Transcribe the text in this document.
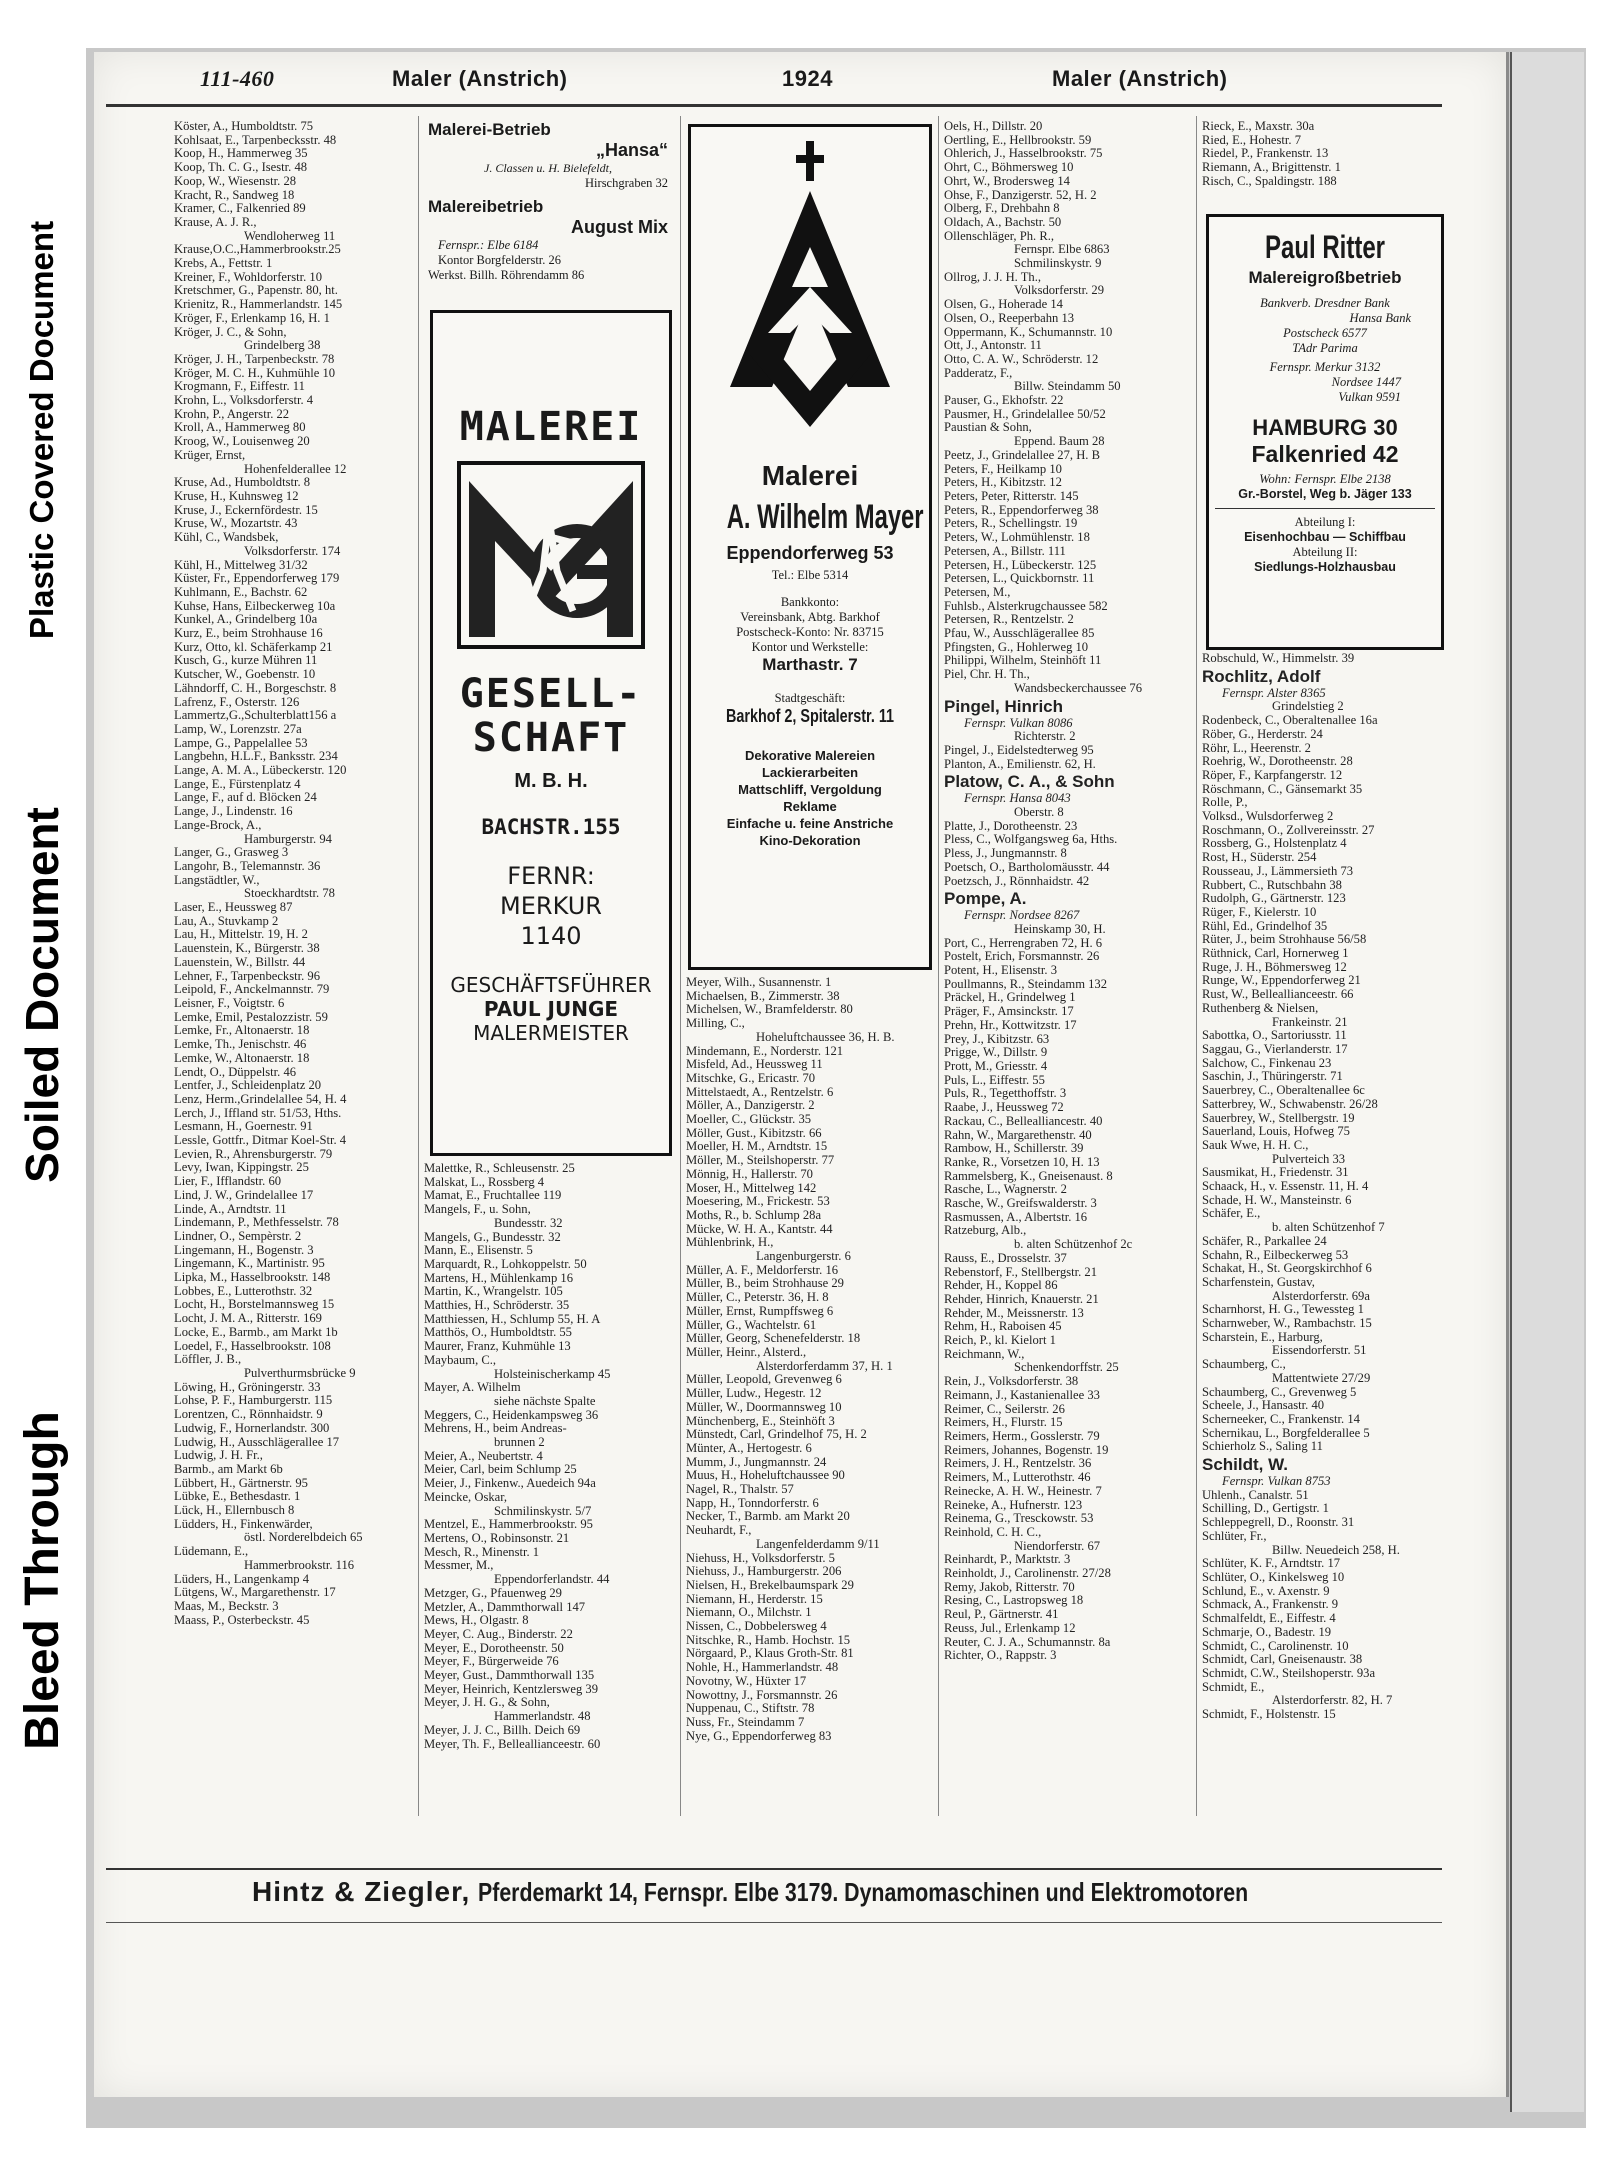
Plastic Covered Document
Soiled Document
Bleed Through
111-460	Maler (Anstrich)	1924	Maler (Anstrich)
Köster, A., Humboldtstr. 75
Kohlsaat, E., Tarpenbecksstr. 48
Koop, H., Hammerweg 35
Koop, Th. C. G., Isestr. 48
Koop, W., Wiesenstr. 28
Kracht, R., Sandweg 18
Kramer, C., Falkenried 89
Krause, A. J. R.,
Wendloherweg 11
Krause,O.C.,Hammerbrookstr.25
Krebs, A., Fettstr. 1
Kreiner, F., Wohldorferstr. 10
Kretschmer, G., Papenstr. 80, ht.
Krienitz, R., Hammerlandstr. 145
Kröger, F., Erlenkamp 16, H. 1
Kröger, J. C., & Sohn,
Grindelberg 38
Kröger, J. H., Tarpenbeckstr. 78
Kröger, M. C. H., Kuhmühle 10
Krogmann, F., Eiffestr. 11
Krohn, L., Volksdorferstr. 4
Krohn, P., Angerstr. 22
Kroll, A., Hammerweg 80
Kroog, W., Louisenweg 20
Krüger, Ernst,
Hohenfelderallee 12
Kruse, Ad., Humboldtstr. 8
Kruse, H., Kuhnsweg 12
Kruse, J., Eckernfördestr. 15
Kruse, W., Mozartstr. 43
Kühl, C., Wandsbek,
Volksdorferstr. 174
Kühl, H., Mittelweg 31/32
Küster, Fr., Eppendorferweg 179
Kuhlmann, E., Bachstr. 62
Kuhse, Hans, Eilbeckerweg 10a
Kunkel, A., Grindelberg 10a
Kurz, E., beim Strohhause 16
Kurz, Otto, kl. Schäferkamp 21
Kusch, G., kurze Mühren 11
Kutscher, W., Goebenstr. 10
Lähndorff, C. H., Borgeschstr. 8
Lafrenz, F., Osterstr. 126
Lammertz,G.,Schulterblatt156 a
Lamp, W., Lorenzstr. 27a
Lampe, G., Pappelallee 53
Langbehn, H.L.F., Banksstr. 234
Lange, A. M. A., Lübeckerstr. 120
Lange, E., Fürstenplatz 4
Lange, F., auf d. Blöcken 24
Lange, J., Lindenstr. 16
Lange-Brock, A.,
Hamburgerstr. 94
Langer, G., Grasweg 3
Langohr, B., Telemannstr. 36
Langstädtler, W.,
Stoeckhardtstr. 78
Laser, E., Heussweg 87
Lau, A., Stuvkamp 2
Lau, H., Mittelstr. 19, H. 2
Lauenstein, K., Bürgerstr. 38
Lauenstein, W., Billstr. 44
Lehner, F., Tarpenbeckstr. 96
Leipold, F., Anckelmannstr. 79
Leisner, F., Voigtstr. 6
Lemke, Emil, Pestalozzistr. 59
Lemke, Fr., Altonaerstr. 18
Lemke, Th., Jenischstr. 46
Lemke, W., Altonaerstr. 18
Lendt, O., Düppelstr. 46
Lentfer, J., Schleidenplatz 20
Lenz, Herm.,Grindelallee 54, H. 4
Lerch, J., Iffland str. 51/53, Hths.
Lesmann, H., Goernestr. 91
Lessle, Gottfr., Ditmar Koel-Str. 4
Levien, R., Ahrensburgerstr. 79
Levy, Iwan, Kippingstr. 25
Lier, F., Ifflandstr. 60
Lind, J. W., Grindelallee 17
Linde, A., Arndtstr. 11
Lindemann, P., Methfesselstr. 78
Lindner, O., Sempèrstr. 2
Lingemann, H., Bogenstr. 3
Lingemann, K., Martinistr. 95
Lipka, M., Hasselbrookstr. 148
Lobbes, E., Lutterothstr. 32
Locht, H., Borstelmannsweg 15
Locht, J. M. A., Ritterstr. 169
Locke, E., Barmb., am Markt 1b
Loedel, F., Hasselbrookstr. 108
Löffler, J. B.,
Pulverthurmsbrücke 9
Löwing, H., Gröningerstr. 33
Lohse, P. F., Hamburgerstr. 115
Lorentzen, C., Rönnhaidstr. 9
Ludwig, F., Hornerlandstr. 300
Ludwig, H., Ausschlägerallee 17
Ludwig, J. H. Fr.,
Barmb., am Markt 6b
Lübbert, H., Gärtnerstr. 95
Lübke, E., Bethesdastr. 1
Lück, H., Ellernbusch 8
Lüdders, H., Finkenwärder,
östl. Norderelbdeich 65
Lüdemann, E.,
Hammerbrookstr. 116
Lüders, H., Langenkamp 4
Lütgens, W., Margarethenstr. 17
Maas, M., Beckstr. 3
Maass, P., Osterbeckstr. 45
Malerei-Betrieb
„Hansa“
J. Classen u. H. Bielefeldt,
Hirschgraben 32
Malereibetrieb
August Mix
Fernspr.: Elbe 6184
Kontor Borgfelderstr. 26
Werkst. Billh. Röhrendamm 86
MALEREI
GESELL-
SCHAFT
M. B. H.
BACHSTR.155
FERNR:
MERKUR
1140
GESCHÄFTSFÜHRER
PAUL JUNGE
MALERMEISTER
Malettke, R., Schleusenstr. 25
Malskat, L., Rossberg 4
Mamat, E., Fruchtallee 119
Mangels, F., u. Sohn,
Bundesstr. 32
Mangels, G., Bundesstr. 32
Mann, E., Elisenstr. 5
Marquardt, R., Lohkoppelstr. 50
Martens, H., Mühlenkamp 16
Martin, K., Wrangelstr. 105
Matthies, H., Schröderstr. 35
Matthiessen, H., Schlump 55, H. A
Matthös, O., Humboldtstr. 55
Maurer, Franz, Kuhmühle 13
Maybaum, C.,
Holsteinischerkamp 45
Mayer, A. Wilhelm
siehe nächste Spalte
Meggers, C., Heidenkampsweg 36
Mehrens, H., beim Andreas-
brunnen 2
Meier, A., Neubertstr. 4
Meier, Carl, beim Schlump 25
Meier, J., Finkenw., Auedeich 94a
Meincke, Oskar,
Schmilinskystr. 5/7
Mentzel, E., Hammerbrookstr. 95
Mertens, O., Robinsonstr. 21
Mesch, R., Minenstr. 1
Messmer, M.,
Eppendorferlandstr. 44
Metzger, G., Pfauenweg 29
Metzler, A., Dammthorwall 147
Mews, H., Olgastr. 8
Meyer, C. Aug., Binderstr. 22
Meyer, E., Dorotheenstr. 50
Meyer, F., Bürgerweide 76
Meyer, Gust., Dammthorwall 135
Meyer, Heinrich, Kentzlersweg 39
Meyer, J. H. G., & Sohn,
Hammerlandstr. 48
Meyer, J. J. C., Billh. Deich 69
Meyer, Th. F., Belleallianceestr. 60
Malerei
A. Wilhelm Mayer
Eppendorferweg 53
Tel.: Elbe 5314
Bankkonto:
Vereinsbank, Abtg. Barkhof
Postscheck-Konto: Nr. 83715
Kontor und Werkstelle:
Marthastr. 7
Stadtgeschäft:
Barkhof 2, Spitalerstr. 11
Dekorative Malereien
Lackierarbeiten
Mattschliff, Vergoldung
Reklame
Einfache u. feine Anstriche
Kino-Dekoration
Meyer, Wilh., Susannenstr. 1
Michaelsen, B., Zimmerstr. 38
Michelsen, W., Bramfelderstr. 80
Milling, C.,
Hoheluftchaussee 36, H. B.
Mindemann, E., Norderstr. 121
Misfeld, Ad., Heussweg 11
Mitschke, G., Ericastr. 70
Mittelstaedt, A., Rentzelstr. 6
Möller, A., Danzigerstr. 2
Moeller, C., Glückstr. 35
Möller, Gust., Kibitzstr. 66
Moeller, H. M., Arndtstr. 15
Möller, M., Steilshoperstr. 77
Mönnig, H., Hallerstr. 70
Moser, H., Mittelweg 142
Moesering, M., Frickestr. 53
Moths, R., b. Schlump 28a
Mücke, W. H. A., Kantstr. 44
Mühlenbrink, H.,
Langenburgerstr. 6
Müller, A. F., Meldorferstr. 16
Müller, B., beim Strohhause 29
Müller, C., Peterstr. 36, H. 8
Müller, Ernst, Rumpffsweg 6
Müller, G., Wachtelstr. 61
Müller, Georg, Schenefelderstr. 18
Müller, Heinr., Alsterd.,
Alsterdorferdamm 37, H. 1
Müller, Leopold, Grevenweg 6
Müller, Ludw., Hegestr. 12
Müller, W., Doormannsweg 10
Münchenberg, E., Steinhöft 3
Münstedt, Carl, Grindelhof 75, H. 2
Münter, A., Hertogestr. 6
Mumm, J., Jungmannstr. 24
Muus, H., Hoheluftchaussee 90
Nagel, R., Thalstr. 57
Napp, H., Tonndorferstr. 6
Necker, T., Barmb. am Markt 20
Neuhardt, F.,
Langenfelderdamm 9/11
Niehuss, H., Volksdorferstr. 5
Niehuss, J., Hamburgerstr. 206
Nielsen, H., Brekelbaumspark 29
Niemann, H., Herderstr. 15
Niemann, O., Milchstr. 1
Nissen, C., Dobbelersweg 4
Nitschke, R., Hamb. Hochstr. 15
Nörgaard, P., Klaus Groth-Str. 81
Nohle, H., Hammerlandstr. 48
Novotny, W., Hüxter 17
Nowottny, J., Forsmannstr. 26
Nuppenau, C., Stiftstr. 78
Nuss, Fr., Steindamm 7
Nye, G., Eppendorferweg 83
Oels, H., Dillstr. 20
Oertling, E., Hellbrookstr. 59
Ohlerich, J., Hasselbrookstr. 75
Ohrt, C., Böhmersweg 10
Ohrt, W., Brodersweg 14
Ohse, F., Danzigerstr. 52, H. 2
Olberg, F., Drehbahn 8
Oldach, A., Bachstr. 50
Ollenschläger, Ph. R.,
Fernspr. Elbe 6863
Schmilinskystr. 9
Ollrog, J. J. H. Th.,
Volksdorferstr. 29
Olsen, G., Hoheradе 14
Olsen, O., Reeperbahn 13
Oppermann, K., Schumannstr. 10
Ott, J., Antonstr. 11
Otto, C. A. W., Schröderstr. 12
Padderatz, F.,
Billw. Steindamm 50
Pauser, G., Ekhofstr. 22
Pausmer, H., Grindelallee 50/52
Paustian & Sohn,
Eppend. Baum 28
Peetz, J., Grindelallee 27, H. B
Peters, F., Heilkamp 10
Peters, H., Kibitzstr. 12
Peters, Peter, Ritterstr. 145
Peters, R., Eppendorferweg 38
Peters, R., Schellingstr. 19
Peters, W., Lohmühlenstr. 18
Petersen, A., Billstr. 111
Petersen, H., Lübeckerstr. 125
Petersen, L., Quickbornstr. 11
Petersen, M.,
Fuhlsb., Alsterkrugchaussee 582
Petersen, R., Rentzelstr. 2
Pfau, W., Ausschlägerallee 85
Pfingsten, G., Hohlerweg 10
Philippi, Wilhelm, Steinhöft 11
Piel, Chr. H. Th.,
Wandsbeckerchaussee 76
Pingel, Hinrich
Fernspr. Vulkan 8086
Richterstr. 2
Pingel, J., Eidelstedterweg 95
Planton, A., Emilienstr. 62, H.
Platow, C. A., & Sohn
Fernspr. Hansa 8043
Oberstr. 8
Platte, J., Dorotheenstr. 23
Pless, C., Wolfgangsweg 6a, Hths.
Pless, J., Jungmannstr. 8
Poetsch, O., Bartholomäusstr. 44
Poetzsch, J., Rönnhaidstr. 42
Pompe, A.
Fernspr. Nordsee 8267
Heinskamp 30, H.
Port, C., Herrengraben 72, H. 6
Postelt, Erich, Forsmannstr. 26
Potent, H., Elisenstr. 3
Poullmanns, R., Steindamm 132
Präckel, H., Grindelweg 1
Präger, F., Amsinckstr. 17
Prehn, Hr., Kottwitzstr. 17
Prey, J., Kibitzstr. 63
Prigge, W., Dillstr. 9
Prott, M., Griesstr. 4
Puls, L., Eiffestr. 55
Puls, R., Tegetthoffstr. 3
Raabe, J., Heussweg 72
Rackau, C., Bellealliancestr. 40
Rahn, W., Margarethenstr. 40
Rambow, H., Schillerstr. 39
Ranke, R., Vorsetzen 10, H. 13
Rammelsberg, K., Gneisenaust. 8
Rasche, L., Wagnerstr. 2
Rasche, W., Greifswalderstr. 3
Rasmussen, A., Albertstr. 16
Ratzeburg, Alb.,
b. alten Schützenhof 2c
Rauss, E., Drosselstr. 37
Rebenstorf, F., Stellbergstr. 21
Rehder, H., Koppel 86
Rehder, Hinrich, Knauerstr. 21
Rehder, M., Meissnerstr. 13
Rehm, H., Raboisen 45
Reich, P., kl. Kielort 1
Reichmann, W.,
Schenkendorffstr. 25
Rein, J., Volksdorferstr. 38
Reimann, J., Kastanienallee 33
Reimer, C., Seilerstr. 26
Reimers, H., Flurstr. 15
Reimers, Herm., Gosslerstr. 79
Reimers, Johannes, Bogenstr. 19
Reimers, J. H., Rentzelstr. 36
Reimers, M., Lutterothstr. 46
Reinecke, A. H. W., Heinestr. 7
Reineke, A., Hufnerstr. 123
Reinema, G., Tresckowstr. 53
Reinhold, C. H. C.,
Niendorferstr. 67
Reinhardt, P., Marktstr. 3
Reinholdt, J., Carolinenstr. 27/28
Remy, Jakob, Ritterstr. 70
Resing, C., Lastropsweg 18
Reul, P., Gärtnerstr. 41
Reuss, Jul., Erlenkamp 12
Reuter, C. J. A., Schumannstr. 8a
Richter, O., Rappstr. 3
Rieck, E., Maxstr. 30a
Ried, E., Hohestr. 7
Riedel, P., Frankenstr. 13
Riemann, A., Brigittenstr. 1
Risch, C., Spaldingstr. 188
Paul Ritter
Malereigroßbetrieb
Bankverb. Dresdner Bank
Hansa Bank
Postscheck 6577
TAdr Parima
Fernspr. Merkur 3132
Nordsee 1447
Vulkan 9591
HAMBURG 30
Falkenried 42
Wohn: Fernspr. Elbe 2138
Gr.-Borstel, Weg b. Jäger 133
Abteilung I:
Eisenhochbau — Schiffbau
Abteilung II:
Siedlungs-Holzhausbau
Robschuld, W., Himmelstr. 39
Rochlitz, Adolf
Fernspr. Alster 8365
Grindelstieg 2
Rodenbeck, C., Oberaltenallee 16a
Röber, G., Herderstr. 24
Röhr, L., Heerenstr. 2
Roehrig, W., Dorotheenstr. 28
Röper, F., Karpfangerstr. 12
Röschmann, C., Gänsemarkt 35
Rolle, P.,
Volksd., Wulsdorferweg 2
Roschmann, O., Zollvereinsstr. 27
Rossberg, G., Holstenplatz 4
Rost, H., Süderstr. 254
Rousseau, J., Lämmersieth 73
Rubbert, C., Rutschbahn 38
Rudolph, G., Gärtnerstr. 123
Rüger, F., Kielerstr. 10
Rühl, Ed., Grindelhof 35
Rüter, J., beim Strohhause 56/58
Rüthnick, Carl, Hornerweg 1
Ruge, J. H., Böhmersweg 12
Runge, W., Eppendorferweg 21
Rust, W., Belleallianceestr. 66
Ruthenberg & Nielsen,
Frankeinstr. 21
Sabottka, O., Sartoriusstr. 11
Saggau, G., Vierlanderstr. 17
Salchow, C., Finkenau 23
Saschin, J., Thüringerstr. 71
Sauerbrey, C., Oberaltenallee 6c
Satterbrey, W., Schwabenstr. 26/28
Sauerbrey, W., Stellbergstr. 19
Sauerland, Louis, Hofweg 75
Sauk Wwe, H. H. C.,
Pulverteich 33
Sausmikat, H., Friedenstr. 31
Schaack, H., v. Essenstr. 11, H. 4
Schade, H. W., Mansteinstr. 6
Schäfer, E.,
b. alten Schützenhof 7
Schäfer, R., Parkallee 24
Schahn, R., Eilbeckerweg 53
Schakat, H., St. Georgskirchhof 6
Scharfenstein, Gustav,
Alsterdorferstr. 69a
Scharnhorst, H. G., Tewessteg 1
Scharnweber, W., Rambachstr. 15
Scharstein, E., Harburg,
Eissendorferstr. 51
Schaumberg, C.,
Mattentwiete 27/29
Schaumberg, C., Grevenweg 5
Scheele, J., Hansastr. 40
Scherneeker, C., Frankenstr. 14
Schernikau, L., Borgfelderallee 5
Schierholz S., Saling 11
Schildt, W.
Fernspr. Vulkan 8753
Uhlenh., Canalstr. 51
Schilling, D., Gertigstr. 1
Schleppegrell, D., Roonstr. 31
Schlüter, Fr.,
Billw. Neuedeich 258, H.
Schlüter, K. F., Arndtstr. 17
Schlüter, O., Kinkelsweg 10
Schlund, E., v. Axenstr. 9
Schmack, A., Frankenstr. 9
Schmalfeldt, E., Eiffestr. 4
Schmarje, O., Badestr. 19
Schmidt, C., Carolinenstr. 10
Schmidt, Carl, Gneisenaustr. 38
Schmidt, C.W., Steilshoperstr. 93a
Schmidt, E.,
Alsterdorferstr. 82, H. 7
Schmidt, F., Holstenstr. 15
Hintz & Ziegler, Pferdemarkt 14, Fernspr. Elbe 3179. Dynamomaschinen und Elektromotoren
